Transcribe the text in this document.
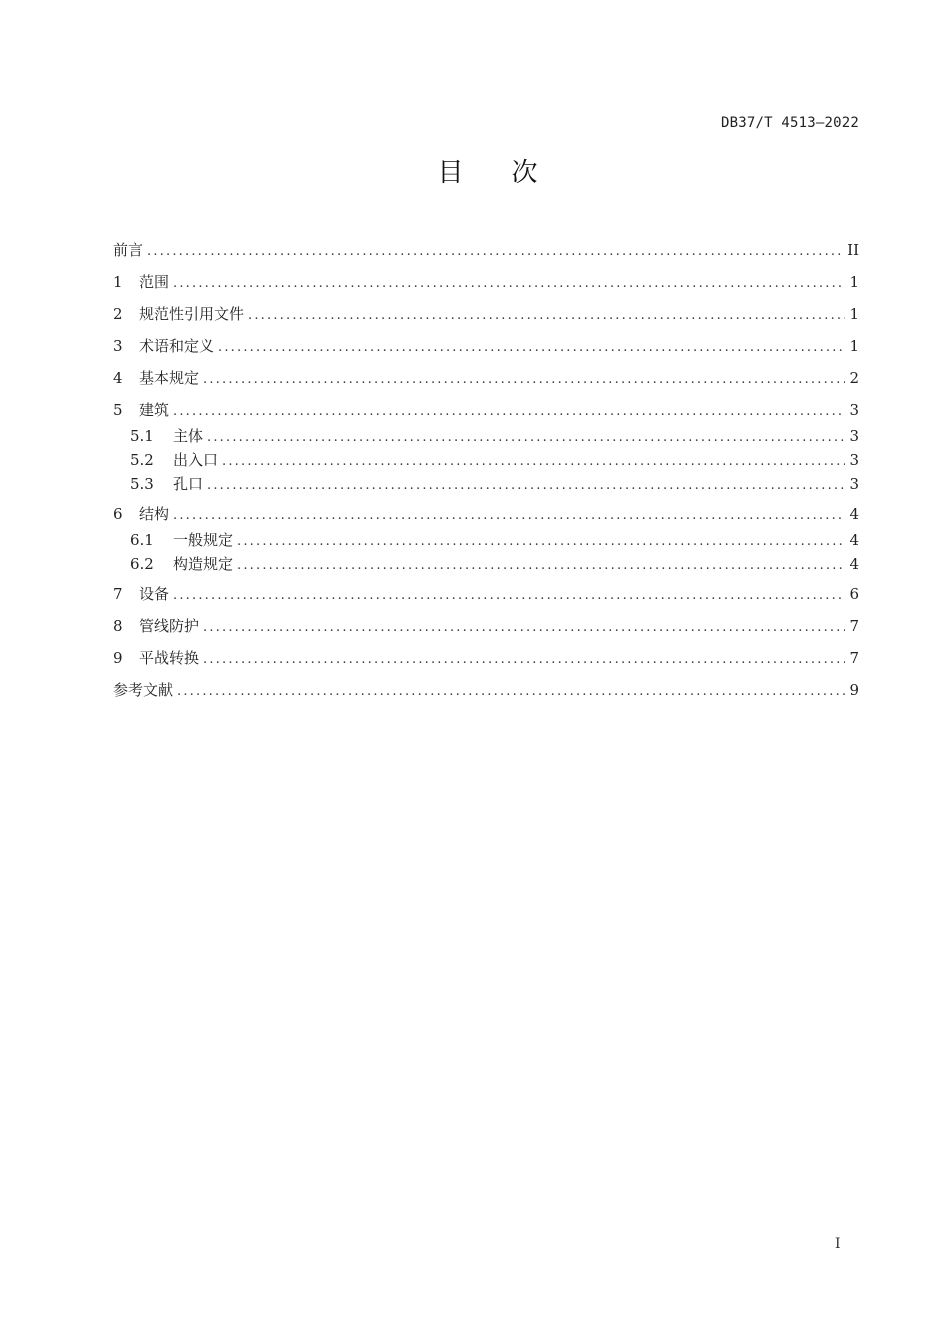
DB37/T 4513—2022
目 次
前言 .....	II
1	范围 .....	1
2	规范性引用文件 .....	1
3	术语和定义 .....	1
4	基本规定 .....	2
5	建筑 .....	3
5.1	主体 .....	3
5.2	出入口 .....	3
5.3	孔口 .....	3
6	结构 .....	4
6.1	一般规定 .....	4
6.2	构造规定 .....	4
7	设备 .....	6
8	管线防护 .....	7
9	平战转换 .....	7
参考文献 .....	9
I
